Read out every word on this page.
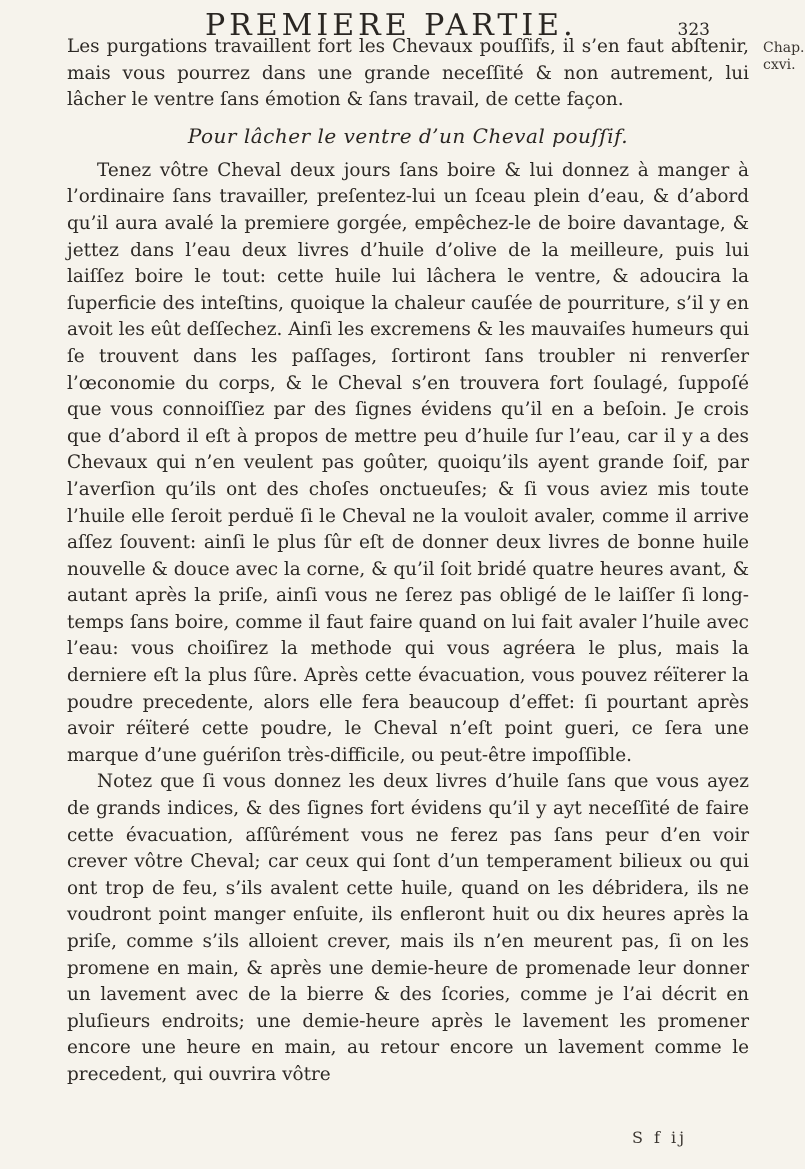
PREMIERE PARTIE.	323
Chap.
cxvi.

Les purgations travaillent fort les Chevaux pouſſifs, il s’en faut abſtenir, mais vous pourrez dans une grande neceſſité & non autrement, lui lâcher le ventre ſans émotion & ſans travail, de cette façon.

Pour lâcher le ventre d’un Cheval pouſſif.

Tenez vôtre Cheval deux jours ſans boire & lui donnez à manger à l’ordinaire ſans travailler, preſentez-lui un ſceau plein d’eau, & d’abord qu’il aura avalé la premiere gorgée, empêchez-le de boire davantage, & jettez dans l’eau deux livres d’huile d’olive de la meilleure, puis lui laiſſez boire le tout: cette huile lui lâchera le ventre, & adoucira la ſuperficie des inteſtins, quoique la chaleur cauſée de pourriture, s’il y en avoit les eût deſſechez. Ainſi les excremens & les mauvaiſes humeurs qui ſe trouvent dans les paſſages, ſortiront ſans troubler ni renverſer l’œconomie du corps, & le Cheval s’en trouvera fort ſoulagé, ſuppoſé que vous connoiſſiez par des ſignes évidens qu’il en a beſoin. Je crois que d’abord il eſt à propos de mettre peu d’huile ſur l’eau, car il y a des Chevaux qui n’en veulent pas goûter, quoiqu’ils ayent grande ſoif, par l’averſion qu’ils ont des choſes onctueuſes; & ſi vous aviez mis toute l’huile elle ſeroit perduë ſi le Cheval ne la vouloit avaler, comme il arrive aſſez ſouvent: ainſi le plus ſûr eſt de donner deux livres de bonne huile nouvelle & douce avec la corne, & qu’il ſoit bridé quatre heures avant, & autant après la priſe, ainſi vous ne ſerez pas obligé de le laiſſer ſi long-temps ſans boire, comme il faut faire quand on lui fait avaler l’huile avec l’eau: vous choiſirez la methode qui vous agréera le plus, mais la derniere eſt la plus ſûre. Après cette évacuation, vous pouvez réïterer la poudre precedente, alors elle fera beaucoup d’effet: ſi pourtant après avoir réïteré cette poudre, le Cheval n’eſt point gueri, ce ſera une marque d’une guériſon très-difficile, ou peut-être impoſſible.

Notez que ſi vous donnez les deux livres d’huile ſans que vous ayez de grands indices, & des ſignes fort évidens qu’il y ayt neceſſité de faire cette évacuation, aſſûrément vous ne ferez pas ſans peur d’en voir crever vôtre Cheval; car ceux qui ſont d’un temperament bilieux ou qui ont trop de feu, s’ils avalent cette huile, quand on les débridera, ils ne voudront point manger enſuite, ils enfleront huit ou dix heures après la priſe, comme s’ils alloient crever, mais ils n’en meurent pas, ſi on les promene en main, & après une demie-heure de promenade leur donner un lavement avec de la bierre & des ſcories, comme je l’ai décrit en pluſieurs endroits; une demie-heure après le lavement les promener encore une heure en main, au retour encore un lavement comme le precedent, qui ouvrira vôtre

S f ij
